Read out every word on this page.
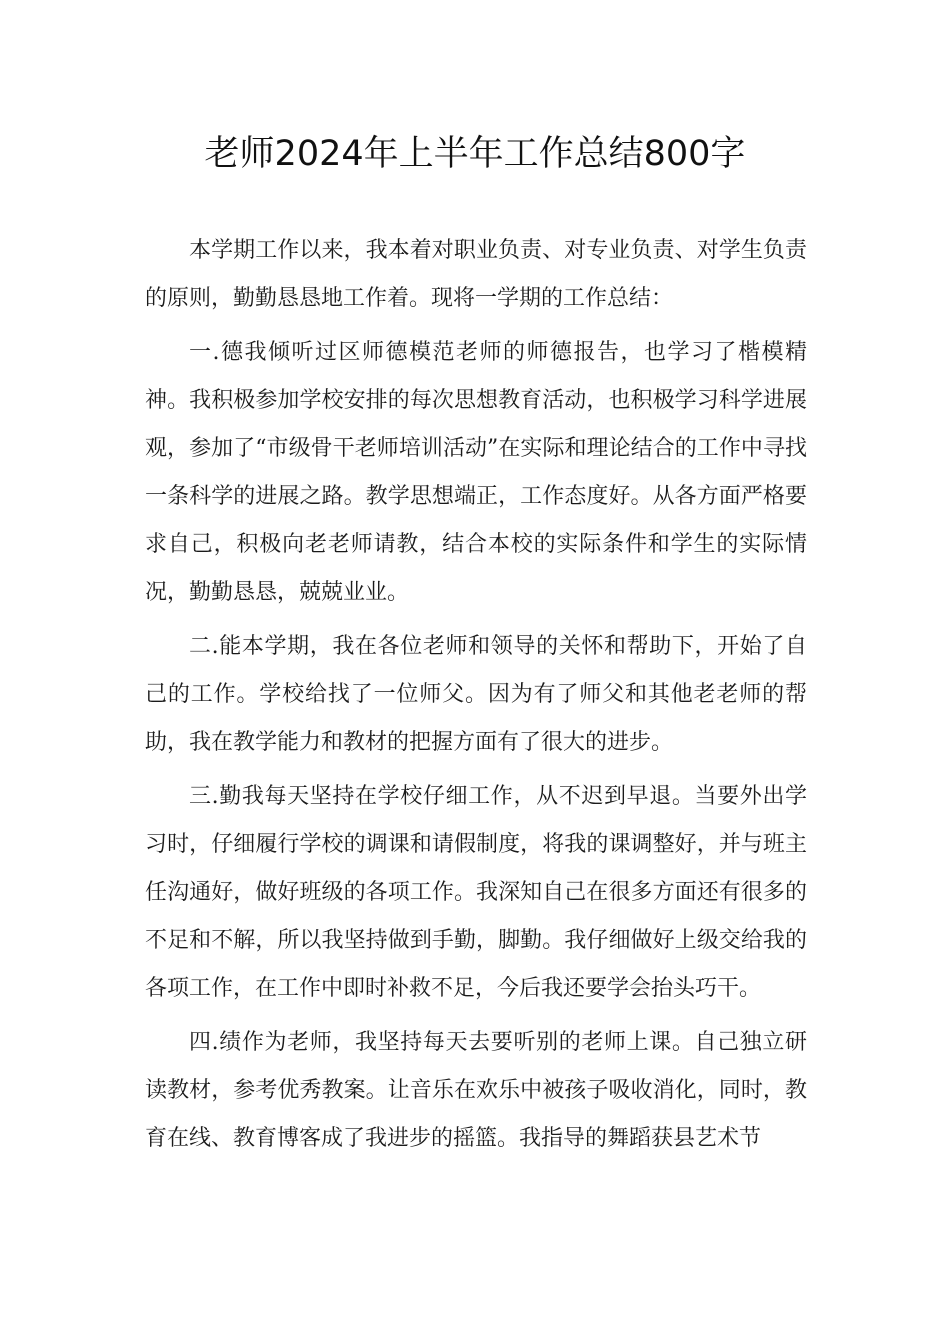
老师2024年上半年工作总结800字

本学期工作以来，我本着对职业负责、对专业负责、对学生负责的原则，勤勤恳恳地工作着。现将一学期的工作总结：

一.德我倾听过区师德模范老师的师德报告，也学习了楷模精神。我积极参加学校安排的每次思想教育活动，也积极学习科学进展观，参加了“市级骨干老师培训活动”在实际和理论结合的工作中寻找一条科学的进展之路。教学思想端正，工作态度好。从各方面严格要求自己，积极向老老师请教，结合本校的实际条件和学生的实际情况，勤勤恳恳，兢兢业业。

二.能本学期，我在各位老师和领导的关怀和帮助下，开始了自己的工作。学校给找了一位师父。因为有了师父和其他老老师的帮助，我在教学能力和教材的把握方面有了很大的进步。

三.勤我每天坚持在学校仔细工作，从不迟到早退。当要外出学习时，仔细履行学校的调课和请假制度，将我的课调整好，并与班主任沟通好，做好班级的各项工作。我深知自己在很多方面还有很多的不足和不解，所以我坚持做到手勤，脚勤。我仔细做好上级交给我的各项工作，在工作中即时补救不足，今后我还要学会抬头巧干。

四.绩作为老师，我坚持每天去要听别的老师上课。自己独立研读教材，参考优秀教案。让音乐在欢乐中被孩子吸收消化，同时，教育在线、教育博客成了我进步的摇篮。我指导的舞蹈获县艺术节
